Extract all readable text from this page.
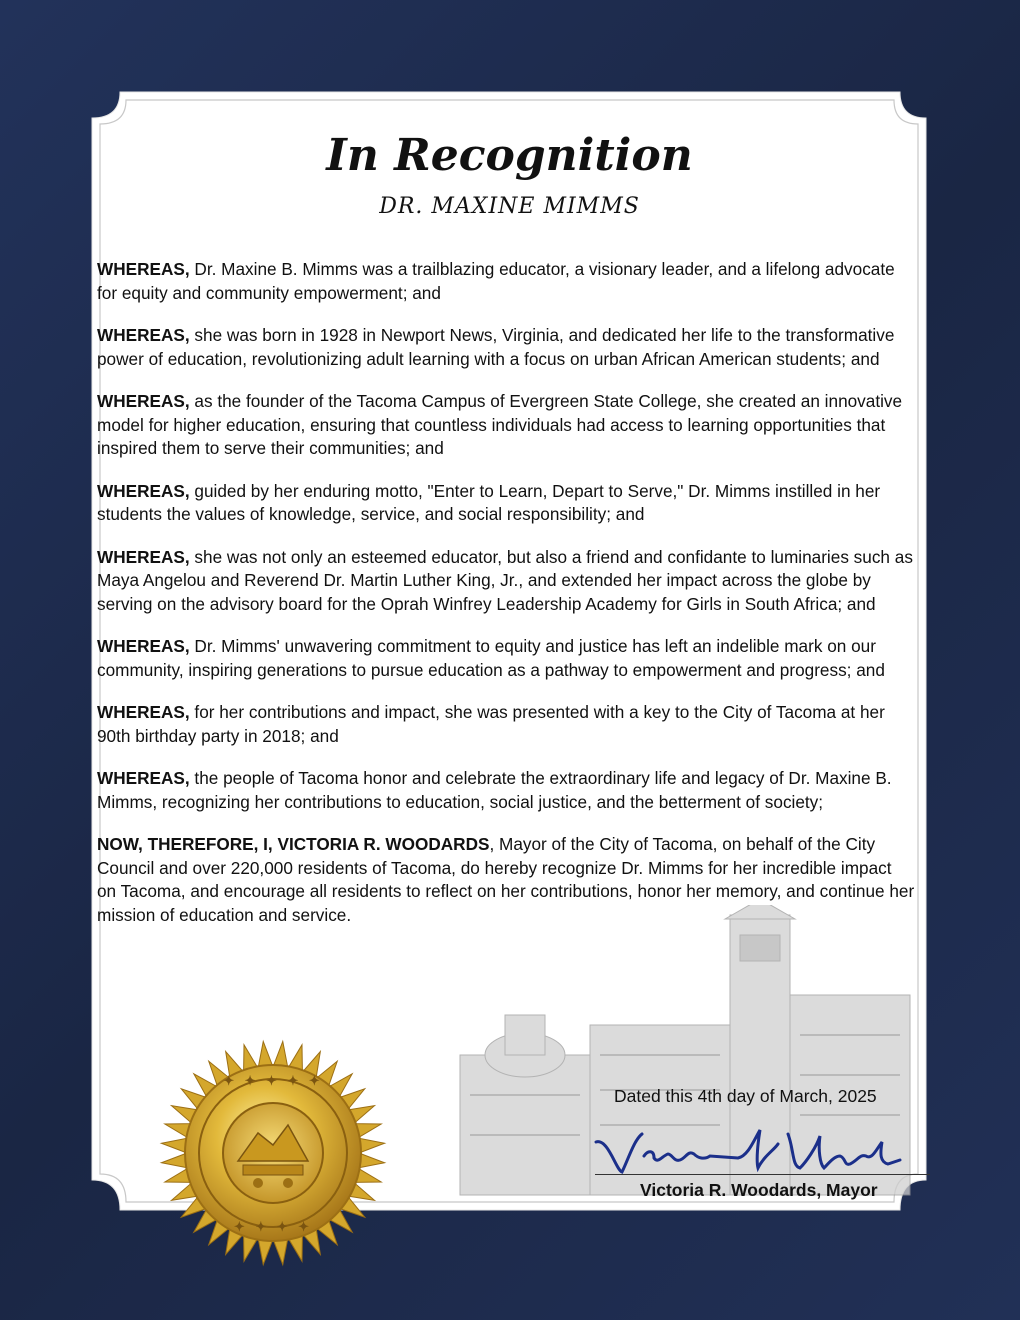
In Recognition
DR. MAXINE MIMMS

WHEREAS, Dr. Maxine B. Mimms was a trailblazing educator, a visionary leader, and a lifelong advocate for equity and community empowerment; and

WHEREAS, she was born in 1928 in Newport News, Virginia, and dedicated her life to the transformative power of education, revolutionizing adult learning with a focus on urban African American students; and

WHEREAS, as the founder of the Tacoma Campus of Evergreen State College, she created an innovative model for higher education, ensuring that countless individuals had access to learning opportunities that inspired them to serve their communities; and

WHEREAS, guided by her enduring motto, "Enter to Learn, Depart to Serve," Dr. Mimms instilled in her students the values of knowledge, service, and social responsibility; and

WHEREAS, she was not only an esteemed educator, but also a friend and confidante to luminaries such as Maya Angelou and Reverend Dr. Martin Luther King, Jr., and extended her impact across the globe by serving on the advisory board for the Oprah Winfrey Leadership Academy for Girls in South Africa; and

WHEREAS, Dr. Mimms' unwavering commitment to equity and justice has left an indelible mark on our community, inspiring generations to pursue education as a pathway to empowerment and progress; and

WHEREAS, for her contributions and impact, she was presented with a key to the City of Tacoma at her 90th birthday party in 2018; and

WHEREAS, the people of Tacoma honor and celebrate the extraordinary life and legacy of Dr. Maxine B. Mimms, recognizing her contributions to education, social justice, and the betterment of society;

NOW, THEREFORE, I, VICTORIA R. WOODARDS, Mayor of the City of Tacoma, on behalf of the City Council and over 220,000 residents of Tacoma, do hereby recognize Dr. Mimms for her incredible impact on Tacoma, and encourage all residents to reflect on her contributions, honor her memory, and continue her mission of education and service.

Dated this 4th day of March, 2025
Victoria R. Woodards, Mayor
✦ ✦ ✦ ✦ ✦
✦ ✦ ✦ ✦
